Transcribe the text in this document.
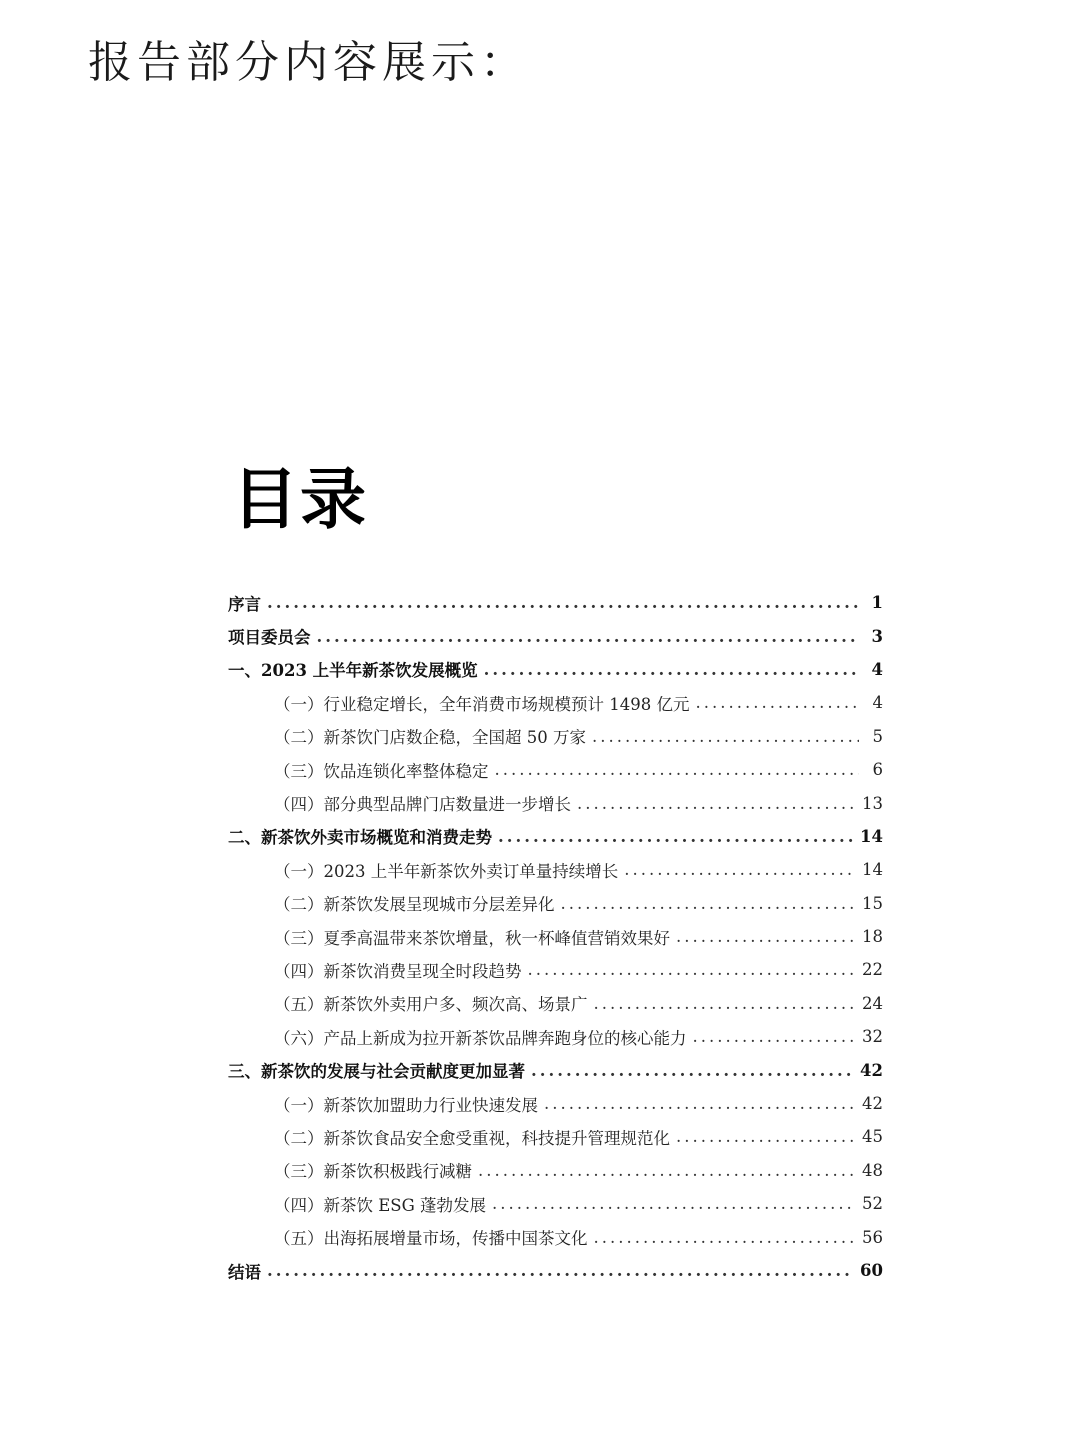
报告部分内容展示：
目录
序言 .....	1
项目委员会 .....	3
一、2023 上半年新茶饮发展概览 .....	4
（一）行业稳定增长，全年消费市场规模预计 1498 亿元 .....	4
（二）新茶饮门店数企稳，全国超 50 万家 .....	5
（三）饮品连锁化率整体稳定 .....	6
（四）部分典型品牌门店数量进一步增长 .....	13
二、新茶饮外卖市场概览和消费走势 .....	14
（一）2023 上半年新茶饮外卖订单量持续增长 .....	14
（二）新茶饮发展呈现城市分层差异化 .....	15
（三）夏季高温带来茶饮增量，秋一杯峰值营销效果好 .....	18
（四）新茶饮消费呈现全时段趋势 .....	22
（五）新茶饮外卖用户多、频次高、场景广 .....	24
（六）产品上新成为拉开新茶饮品牌奔跑身位的核心能力 .....	32
三、新茶饮的发展与社会贡献度更加显著 .....	42
（一）新茶饮加盟助力行业快速发展 .....	42
（二）新茶饮食品安全愈受重视，科技提升管理规范化 .....	45
（三）新茶饮积极践行减糖 .....	48
（四）新茶饮 ESG 蓬勃发展 .....	52
（五）出海拓展增量市场，传播中国茶文化 .....	56
结语 .....	60
